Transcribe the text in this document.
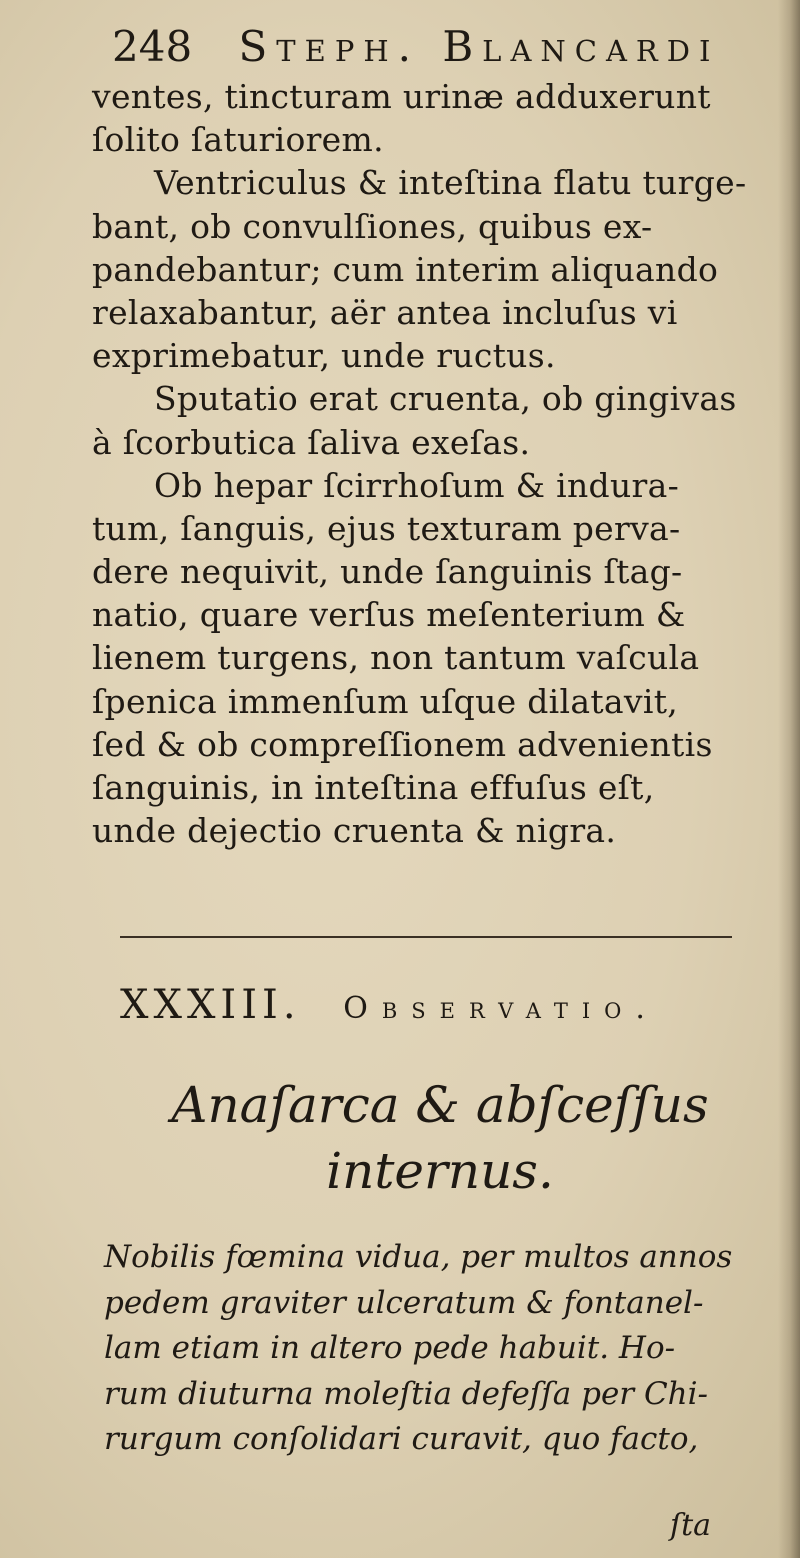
248 Steph. Blancardi
ventes, tincturam urinæ adduxerunt
ſolito ſaturiorem.
Ventriculus & inteſtina flatu turge-
bant, ob convulſiones, quibus ex-
pandebantur; cum interim aliquando
relaxabantur, aër antea incluſus vi
exprimebatur, unde ructus.
Sputatio erat cruenta, ob gingivas
à ſcorbutica ſaliva exeſas.
Ob hepar ſcirrhoſum & indura-
tum, ſanguis, ejus texturam perva-
dere nequivit, unde ſanguinis ſtag-
natio, quare verſus meſenterium &
lienem turgens, non tantum vaſcula
ſpenica immenſum uſque dilatavit,
ſed & ob compreſſionem advenientis
ſanguinis, in inteſtina effuſus eſt,
unde dejectio cruenta & nigra.
XXXIII. Observatio.
Anaſarca & abſceſſus
internus.
Nobilis fœmina vidua, per multos annos
pedem graviter ulceratum & fontanel-
lam etiam in altero pede habuit. Ho-
rum diuturna moleſtia defeſſa per Chi-
rurgum conſolidari curavit, quo facto,
ſta
